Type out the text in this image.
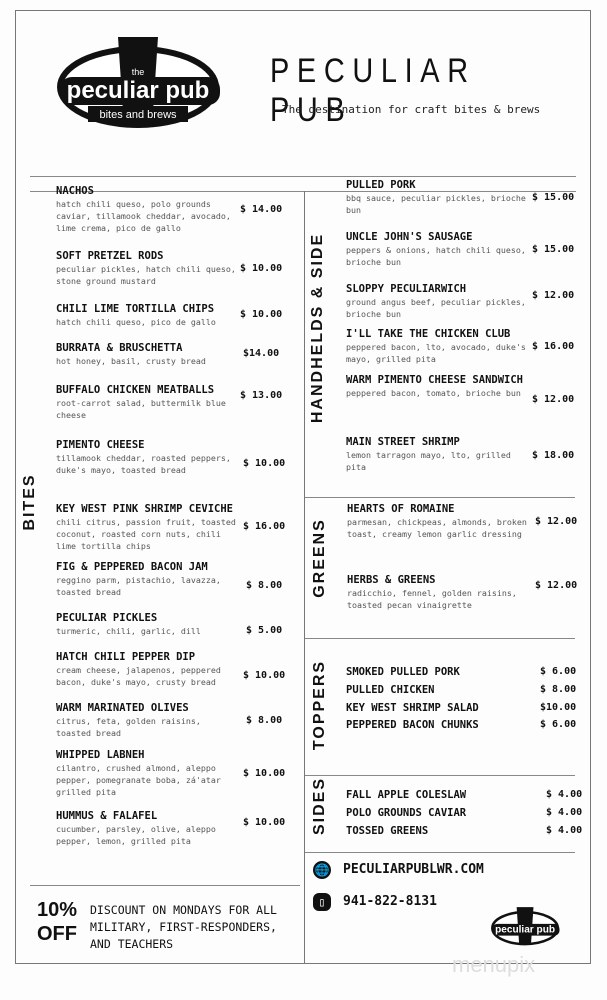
the
peculiar pub
bites and brews
PECULIAR PUB
The destination for craft bites & brews
BITES
HANDHELDS & SIDE
GREENS
TOPPERS
SIDES
🌐 PECULIARPUBLWR.COM
▯	941-822-8131
10% OFF
DISCOUNT ON MONDAYS FOR ALL MILITARY, FIRST-RESPONDERS, AND TEACHERS
peculiar pub
menupix
NACHOS
hatch chili queso, polo grounds caviar, tillamook cheddar, avocado, lime crema, pico de gallo
$ 14.00
SOFT PRETZEL RODS
peculiar pickles, hatch chili queso, stone ground mustard
$ 10.00
CHILI LIME TORTILLA CHIPS
hatch chili queso, pico de gallo
$ 10.00
BURRATA & BRUSCHETTA
hot honey, basil, crusty bread
$14.00
BUFFALO CHICKEN MEATBALLS
root-carrot salad, buttermilk blue cheese
$ 13.00
PIMENTO CHEESE
tillamook cheddar, roasted peppers, duke's mayo, toasted bread
$ 10.00
KEY WEST PINK SHRIMP CEVICHE
chili citrus, passion fruit, toasted coconut, roasted corn nuts, chili lime tortilla chips
$ 16.00
FIG & PEPPERED BACON JAM
reggino parm, pistachio, lavazza, toasted bread
$ 8.00
PECULIAR PICKLES
turmeric, chili, garlic, dill	$ 5.00
HATCH CHILI PEPPER DIP
cream cheese, jalapenos, peppered bacon, duke's mayo, crusty bread
$ 10.00
WARM MARINATED OLIVES
citrus, feta, golden raisins, toasted bread
$ 8.00
WHIPPED LABNEH
cilantro, crushed almond, aleppo pepper, pomegranate boba, zá'atar grilled pita
$ 10.00
HUMMUS & FALAFEL
cucumber, parsley, olive, aleppo pepper, lemon, grilled pita
$ 10.00
PULLED PORK
bbq sauce, peculiar pickles, brioche bun
$ 15.00
UNCLE JOHN'S SAUSAGE
peppers & onions, hatch chili queso, brioche bun
$ 15.00
SLOPPY PECULIARWICH
ground angus beef, peculiar pickles, brioche bun
$ 12.00
I'LL TAKE THE CHICKEN CLUB
peppered bacon, lto, avocado, duke's mayo, grilled pita
$ 16.00
WARM PIMENTO CHEESE SANDWICH
peppered bacon, tomato, brioche bun
$ 12.00
MAIN STREET SHRIMP
lemon tarragon mayo, lto, grilled pita
$ 18.00
HEARTS OF ROMAINE
parmesan, chickpeas, almonds, broken toast, creamy lemon garlic dressing
$ 12.00
HERBS & GREENS
radicchio, fennel, golden raisins, toasted pecan vinaigrette
$ 12.00
SMOKED PULLED PORK	$ 6.00
PULLED CHICKEN	$ 8.00
KEY WEST SHRIMP SALAD	$10.00
PEPPERED BACON CHUNKS	$ 6.00
FALL APPLE COLESLAW	$ 4.00
POLO GROUNDS CAVIAR	$ 4.00
TOSSED GREENS	$ 4.00
